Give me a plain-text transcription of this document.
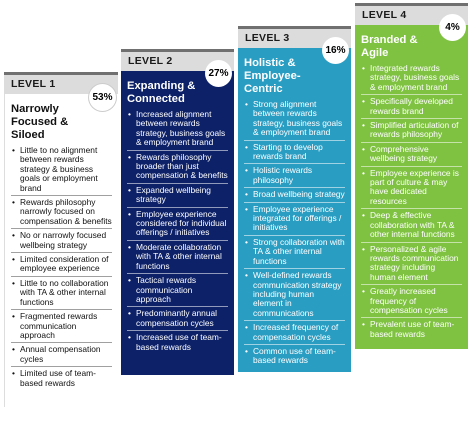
LEVEL 1
Narrowly Focused & Siloed
• Little to no alignment between rewards strategy & business goals or employment brand
• Rewards philosophy narrowly focused on compensation & benefits
• No or narrowly focused wellbeing strategy
• Limited consideration of employee experience
• Little to no collaboration with TA & other internal functions
• Fragmented rewards communication approach
• Annual compensation cycles
• Limited use of team-based rewards
53%
LEVEL 2
Expanding & Connected
• Increased alignment between rewards strategy, business goals & employment brand
• Rewards philosophy broader than just compensation & benefits
• Expanded wellbeing strategy
• Employee experience considered for individual offerings / initiatives
• Moderate collaboration with TA & other internal functions
• Tactical rewards communication approach
• Predominantly annual compensation cycles
• Increased use of team-based rewards
27%
LEVEL 3
Holistic & Employee-Centric
• Strong alignment between rewards strategy, business goals & employment brand
• Starting to develop rewards brand
• Holistic rewards philosophy
• Broad wellbeing strategy
• Employee experience integrated for offerings / initiatives
• Strong collaboration with TA & other internal functions
• Well-defined rewards communication strategy including human element in communications
• Increased frequency of compensation cycles
• Common use of team-based rewards
16%
LEVEL 4
Branded & Agile
• Integrated rewards strategy, business goals & employment brand
• Specifically developed rewards brand
• Simplified articulation of rewards philosophy
• Comprehensive wellbeing strategy
• Employee experience is part of culture & may have dedicated resources
• Deep & effective collaboration with TA & other internal functions
• Personalized & agile rewards communication strategy including human element
• Greatly increased frequency of compensation cycles
• Prevalent use of team-based rewards
4%
